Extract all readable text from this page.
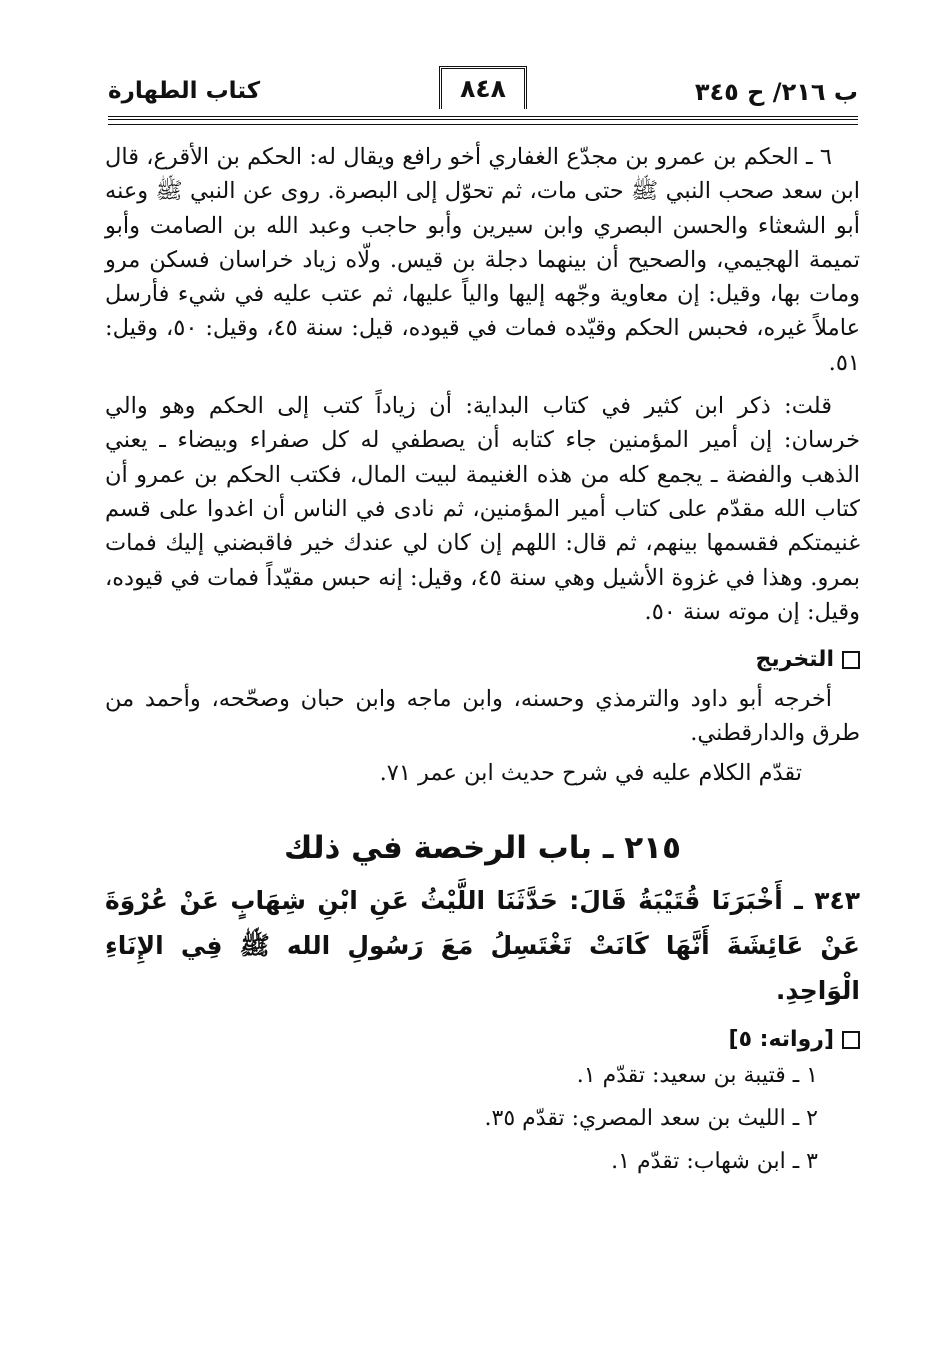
ب ٢١٦/ ح ٣٤٥
٨٤٨
كتاب الطهارة

٦ ـ الحكم بن عمرو بن مجدّع الغفاري أخو رافع ويقال له: الحكم بن الأقرع، قال ابن سعد صحب النبي ﷺ حتى مات، ثم تحوّل إلى البصرة. روى عن النبي ﷺ وعنه أبو الشعثاء والحسن البصري وابن سيرين وأبو حاجب وعبد الله بن الصامت وأبو تميمة الهجيمي، والصحيح أن بينهما دجلة بن قيس. ولّاه زياد خراسان فسكن مرو ومات بها، وقيل: إن معاوية وجّهه إليها والياً عليها، ثم عتب عليه في شيء فأرسل عاملاً غيره، فحبس الحكم وقيّده فمات في قيوده، قيل: سنة ٤٥، وقيل: ٥٠، وقيل: ٥١.

قلت: ذكر ابن كثير في كتاب البداية: أن زياداً كتب إلى الحكم وهو والي خرسان: إن أمير المؤمنين جاء كتابه أن يصطفي له كل صفراء وبيضاء ـ يعني الذهب والفضة ـ يجمع كله من هذه الغنيمة لبيت المال، فكتب الحكم بن عمرو أن كتاب الله مقدّم على كتاب أمير المؤمنين، ثم نادى في الناس أن اغدوا على قسم غنيمتكم فقسمها بينهم، ثم قال: اللهم إن كان لي عندك خير فاقبضني إليك فمات بمرو. وهذا في غزوة الأشيل وهي سنة ٤٥، وقيل: إنه حبس مقيّداً فمات في قيوده، وقيل: إن موته سنة ٥٠.

التخريج

أخرجه أبو داود والترمذي وحسنه، وابن ماجه وابن حبان وصحّحه، وأحمد من طرق والدارقطني.

تقدّم الكلام عليه في شرح حديث ابن عمر ٧١.

٢١٥ ـ باب الرخصة في ذلك

٣٤٣ ـ أَخْبَرَنَا قُتَيْبَةُ قَالَ: حَدَّثَنَا اللَّيْثُ عَنِ ابْنِ شِهَابٍ عَنْ عُرْوَةَ عَنْ عَائِشَةَ أَنَّهَا كَانَتْ تَغْتَسِلُ مَعَ رَسُولِ الله ﷺ فِي الإِنَاءِ الْوَاحِدِ.

[رواته: ٥]

١ ـ قتيبة بن سعيد: تقدّم ١.

٢ ـ الليث بن سعد المصري: تقدّم ٣٥.

٣ ـ ابن شهاب: تقدّم ١.
